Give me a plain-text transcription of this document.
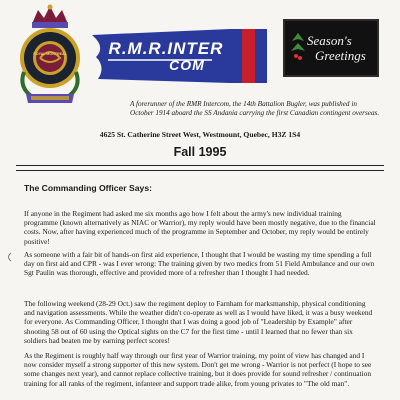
ROYAL MONTREAL	R.M.R.INTER
COM
Season's
Greetings
A forerunner of the RMR Intercom, the 14th Battalion Bugler, was published in October 1914 aboard the SS Andania carrying the first Canadian contingent overseas.
4625 St. Catherine Street West, Westmount, Quebec, H3Z 1S4
Fall 1995
The Commanding Officer Says:
If anyone in the Regiment had asked me six months ago how I felt about the army's new individual training programme (known alternatively as NIAC or Warrior), my reply would have been mostly negative, due to the financial costs. Now, after having experienced much of the programme in September and October, my reply would be entirely positive!
As someone with a fair bit of hands-on first aid experience, I thought that I would be wasting my time spending a full day on first aid and CPR - was I ever wrong: The training given by two medics from 51 Field Ambulance and our own Sgt Paulin was thorough, effective and provided more of a refresher than I thought I had needed.
The following weekend (28-29 Oct.) saw the regiment deploy to Farnham for marksmanship, physical conditioning and navigation assessments. While the weather didn't co-operate as well as I would have liked, it was a busy weekend for everyone. As Commanding Officer, I thought that I was doing a good job of "Leadership by Example" after shooting 58 out of 60 using the Optical sights on the C7 for the first time - until I learned that no fewer than six soldiers had beaten me by earning perfect scores!
As the Regiment is roughly half way through our first year of Warrior training, my point of view has changed and I now consider myself a strong supporter of this new system. Don't get me wrong - Warrior is not perfect (I hope to see some changes next year), and cannot replace collective training, but it does provide for sound refresher / continuation training for all ranks of the regiment, infanteer and support trade alike, from young privates to "The old man".
